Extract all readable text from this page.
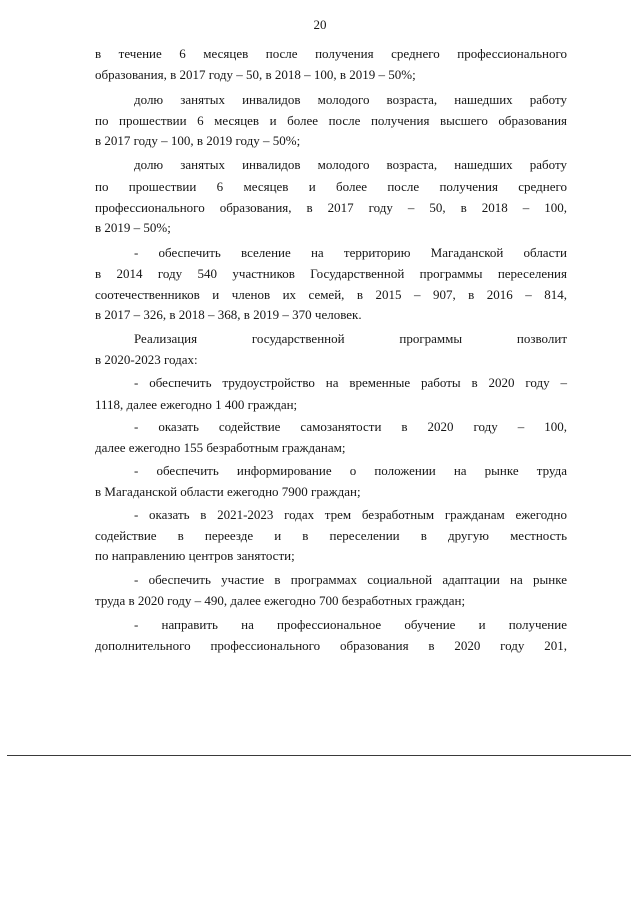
20
в течение 6 месяцев после получения среднего профессионального
образования, в 2017 году – 50, в 2018 – 100, в 2019 – 50%;
долю занятых инвалидов молодого возраста, нашедших работу
по прошествии 6 месяцев и более после получения высшего образования
в 2017 году – 100, в 2019 году – 50%;
долю занятых инвалидов молодого возраста, нашедших работу
по прошествии 6 месяцев и более после получения среднего
профессионального образования, в 2017 году – 50, в 2018 – 100,
в 2019 – 50%;
- обеспечить вселение на территорию Магаданской области
в 2014 году 540 участников Государственной программы переселения
соотечественников и членов их семей, в 2015 – 907, в 2016 – 814,
в 2017 – 326, в 2018 – 368, в 2019 – 370 человек.
Реализация государственной программы позволит
в 2020-2023 годах:
- обеспечить трудоустройство на временные работы в 2020 году –
1118, далее ежегодно 1 400 граждан;
- оказать содействие самозанятости в 2020 году – 100,
далее ежегодно 155 безработным гражданам;
- обеспечить информирование о положении на рынке труда
в Магаданской области ежегодно 7900 граждан;
- оказать в 2021-2023 годах трем безработным гражданам ежегодно
содействие в переезде и в переселении в другую местность
по направлению центров занятости;
- обеспечить участие в программах социальной адаптации на рынке
труда в 2020 году – 490, далее ежегодно 700 безработных граждан;
- направить на профессиональное обучение и получение
дополнительного профессионального образования в 2020 году 201,
